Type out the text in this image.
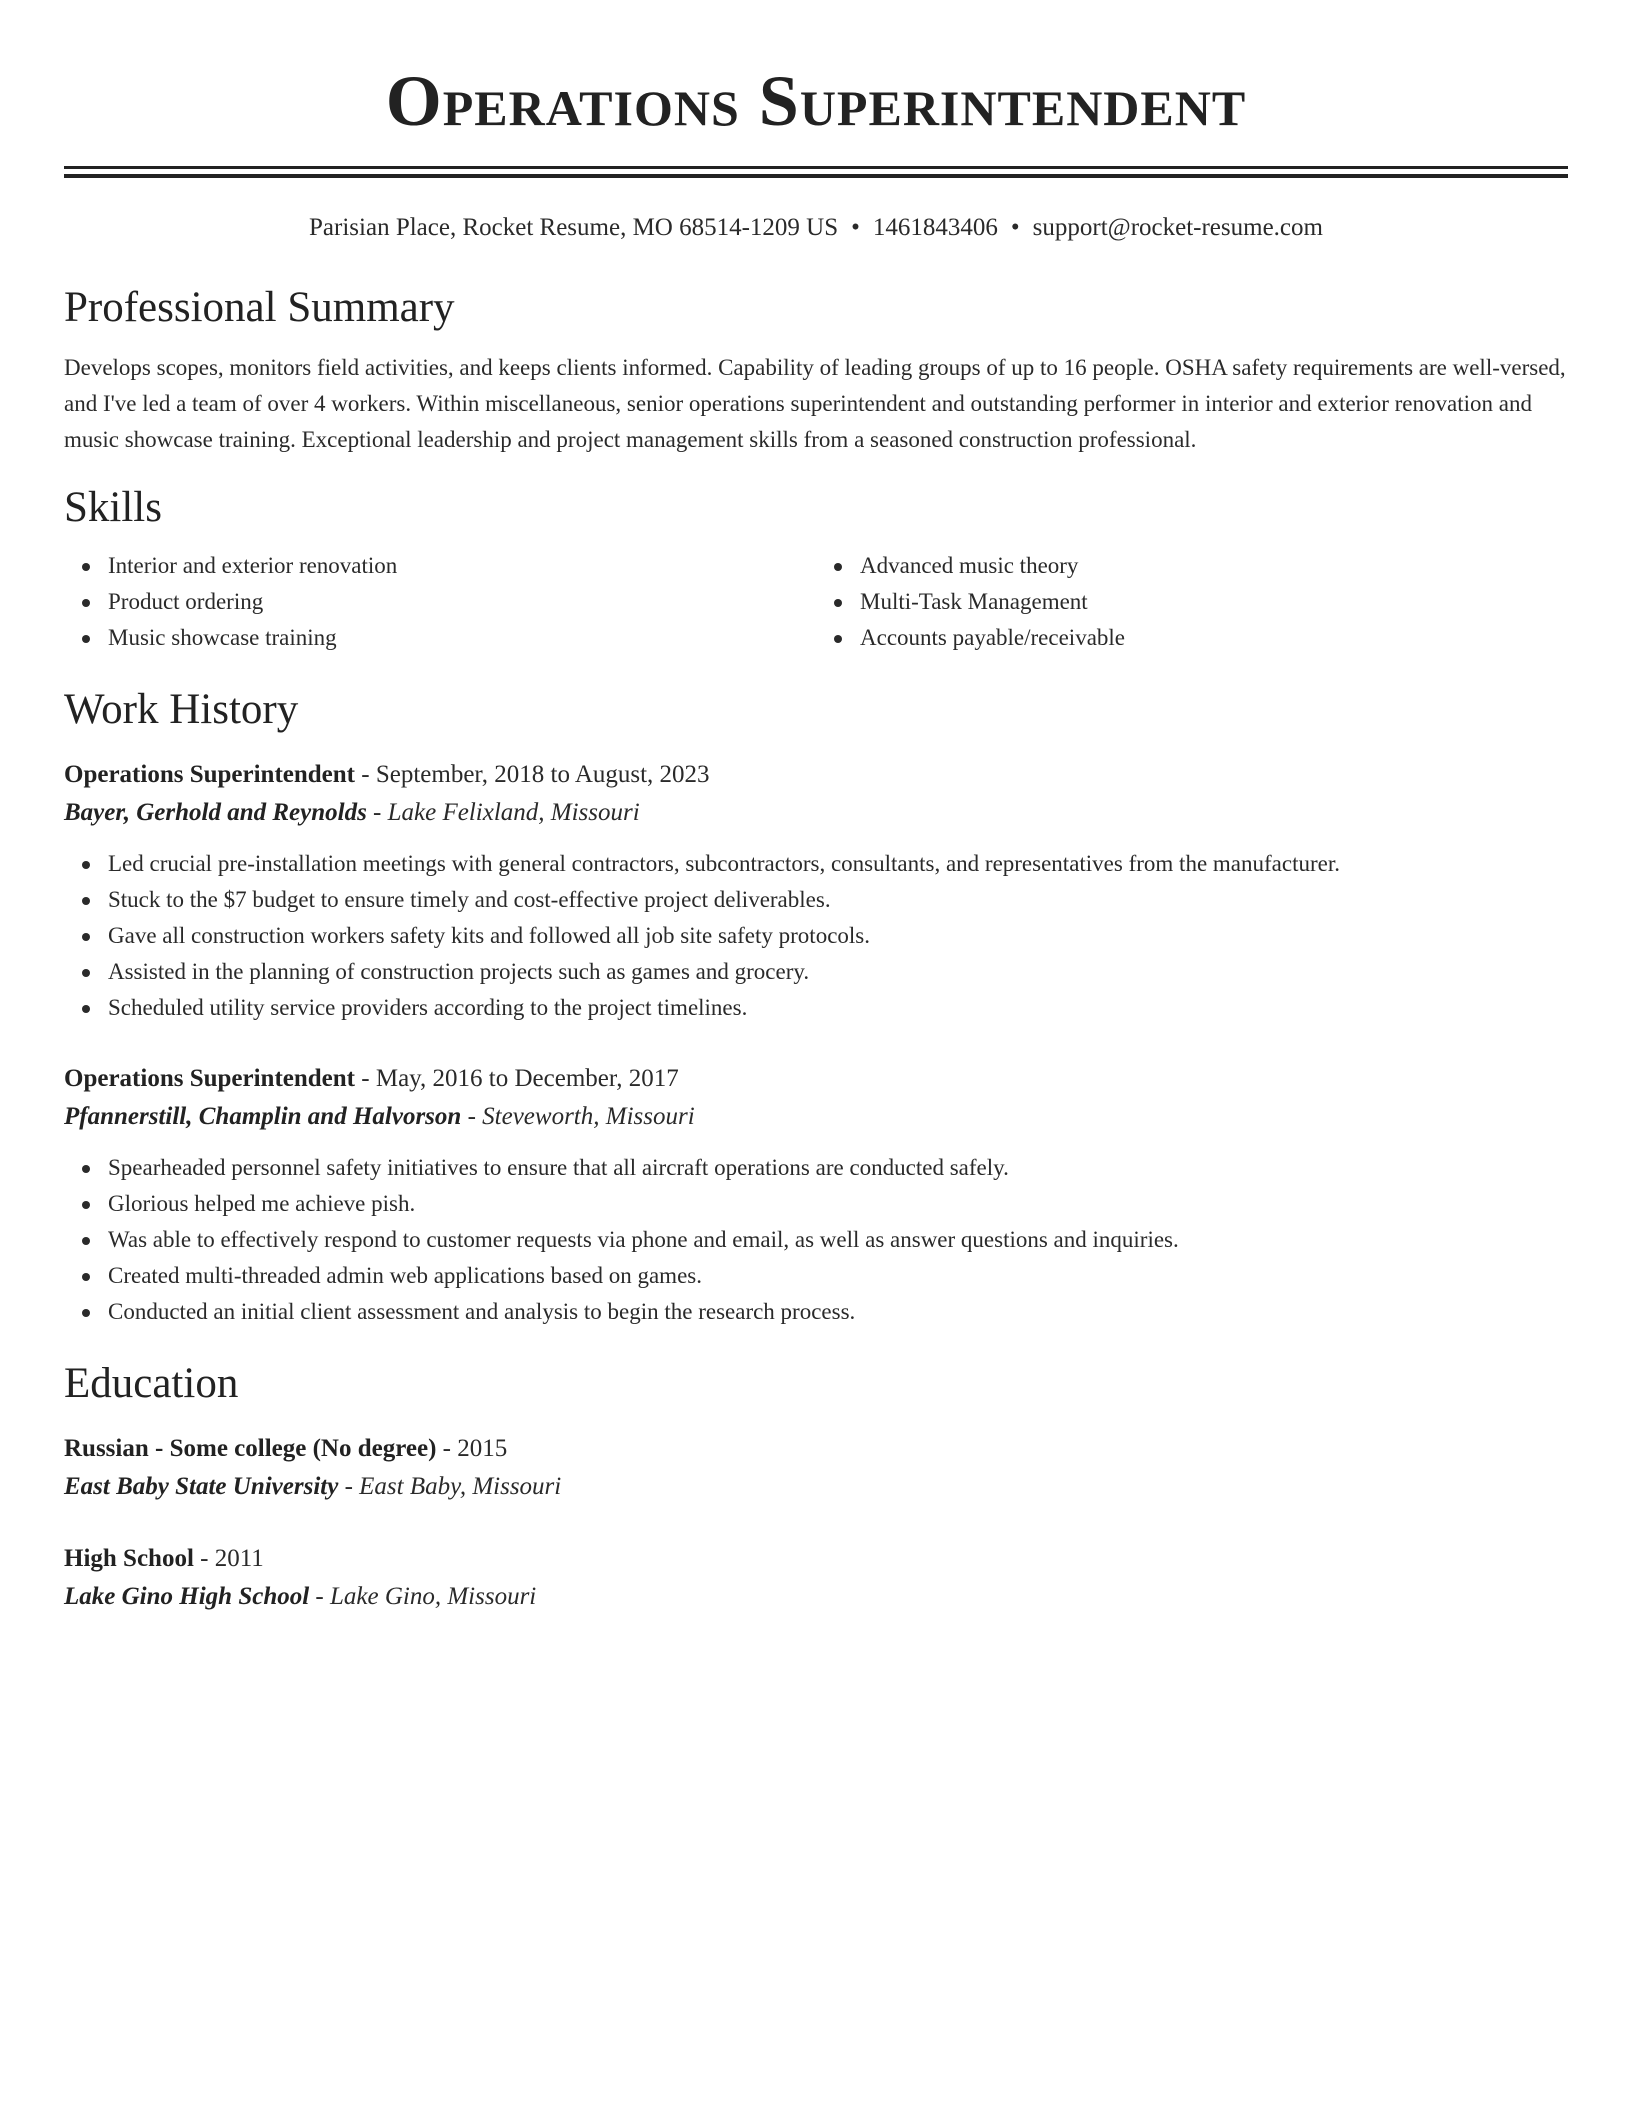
Operations Superintendent
Parisian Place, Rocket Resume, MO 68514-1209 US • 1461843406 • support@rocket-resume.com
Professional Summary
Develops scopes, monitors field activities, and keeps clients informed. Capability of leading groups of up to 16 people. OSHA safety requirements are well-versed, and I've led a team of over 4 workers. Within miscellaneous, senior operations superintendent and outstanding performer in interior and exterior renovation and music showcase training. Exceptional leadership and project management skills from a seasoned construction professional.
Skills
Interior and exterior renovation
Product ordering
Music showcase training
Advanced music theory
Multi-Task Management
Accounts payable/receivable
Work History
Operations Superintendent - September, 2018 to August, 2023
Bayer, Gerhold and Reynolds - Lake Felixland, Missouri
Led crucial pre-installation meetings with general contractors, subcontractors, consultants, and representatives from the manufacturer.
Stuck to the $7 budget to ensure timely and cost-effective project deliverables.
Gave all construction workers safety kits and followed all job site safety protocols.
Assisted in the planning of construction projects such as games and grocery.
Scheduled utility service providers according to the project timelines.
Operations Superintendent - May, 2016 to December, 2017
Pfannerstill, Champlin and Halvorson - Steveworth, Missouri
Spearheaded personnel safety initiatives to ensure that all aircraft operations are conducted safely.
Glorious helped me achieve pish.
Was able to effectively respond to customer requests via phone and email, as well as answer questions and inquiries.
Created multi-threaded admin web applications based on games.
Conducted an initial client assessment and analysis to begin the research process.
Education
Russian - Some college (No degree) - 2015
East Baby State University - East Baby, Missouri
High School - 2011
Lake Gino High School - Lake Gino, Missouri
